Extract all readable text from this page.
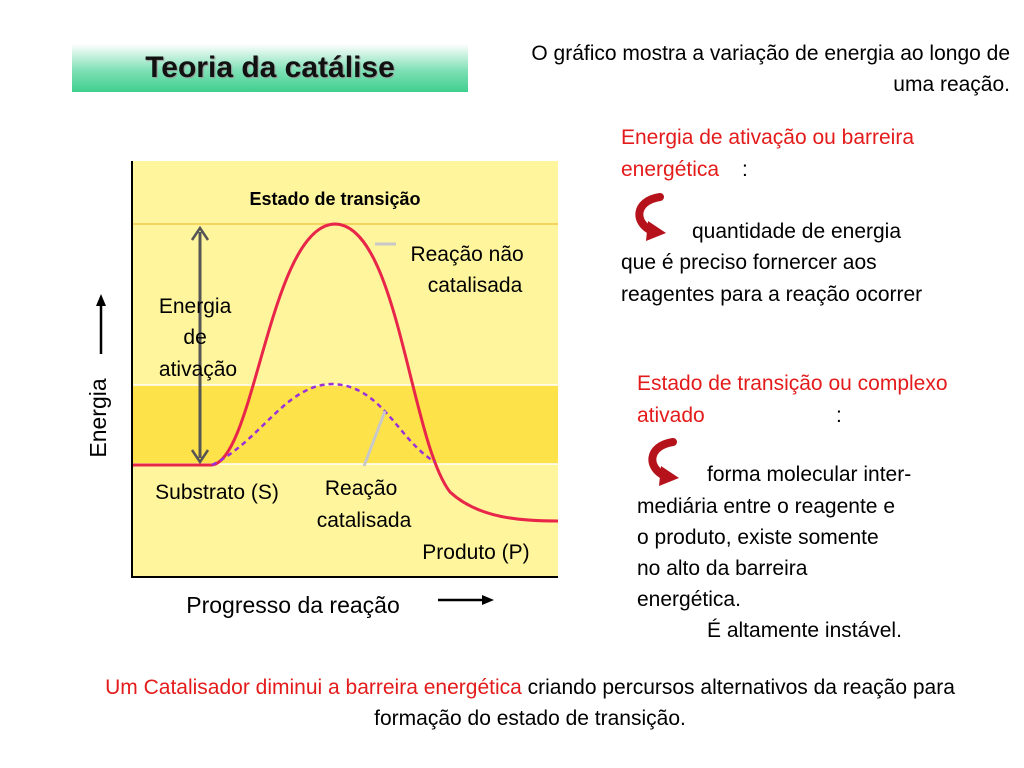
Teoria da catálise	O gráfico mostra a variação de energia ao longo de uma reação.
Estado de transição
Reação não catalisada
Energia de ativação
Energia
Substrato (S)	Reação catalisada
Produto (P)
Progresso da reação
Energia de ativação ou barreira energética	:
quantidade de energia
que é preciso fornercer aos
reagentes para a reação ocorrer
Estado de transição ou complexo ativado	:
forma molecular inter-
mediária entre o reagente e
o produto, existe somente
no alto da barreira
energética.
É altamente instável.
Um Catalisador diminui a barreira energética criando percursos alternativos da reação para formação do estado de transição.
